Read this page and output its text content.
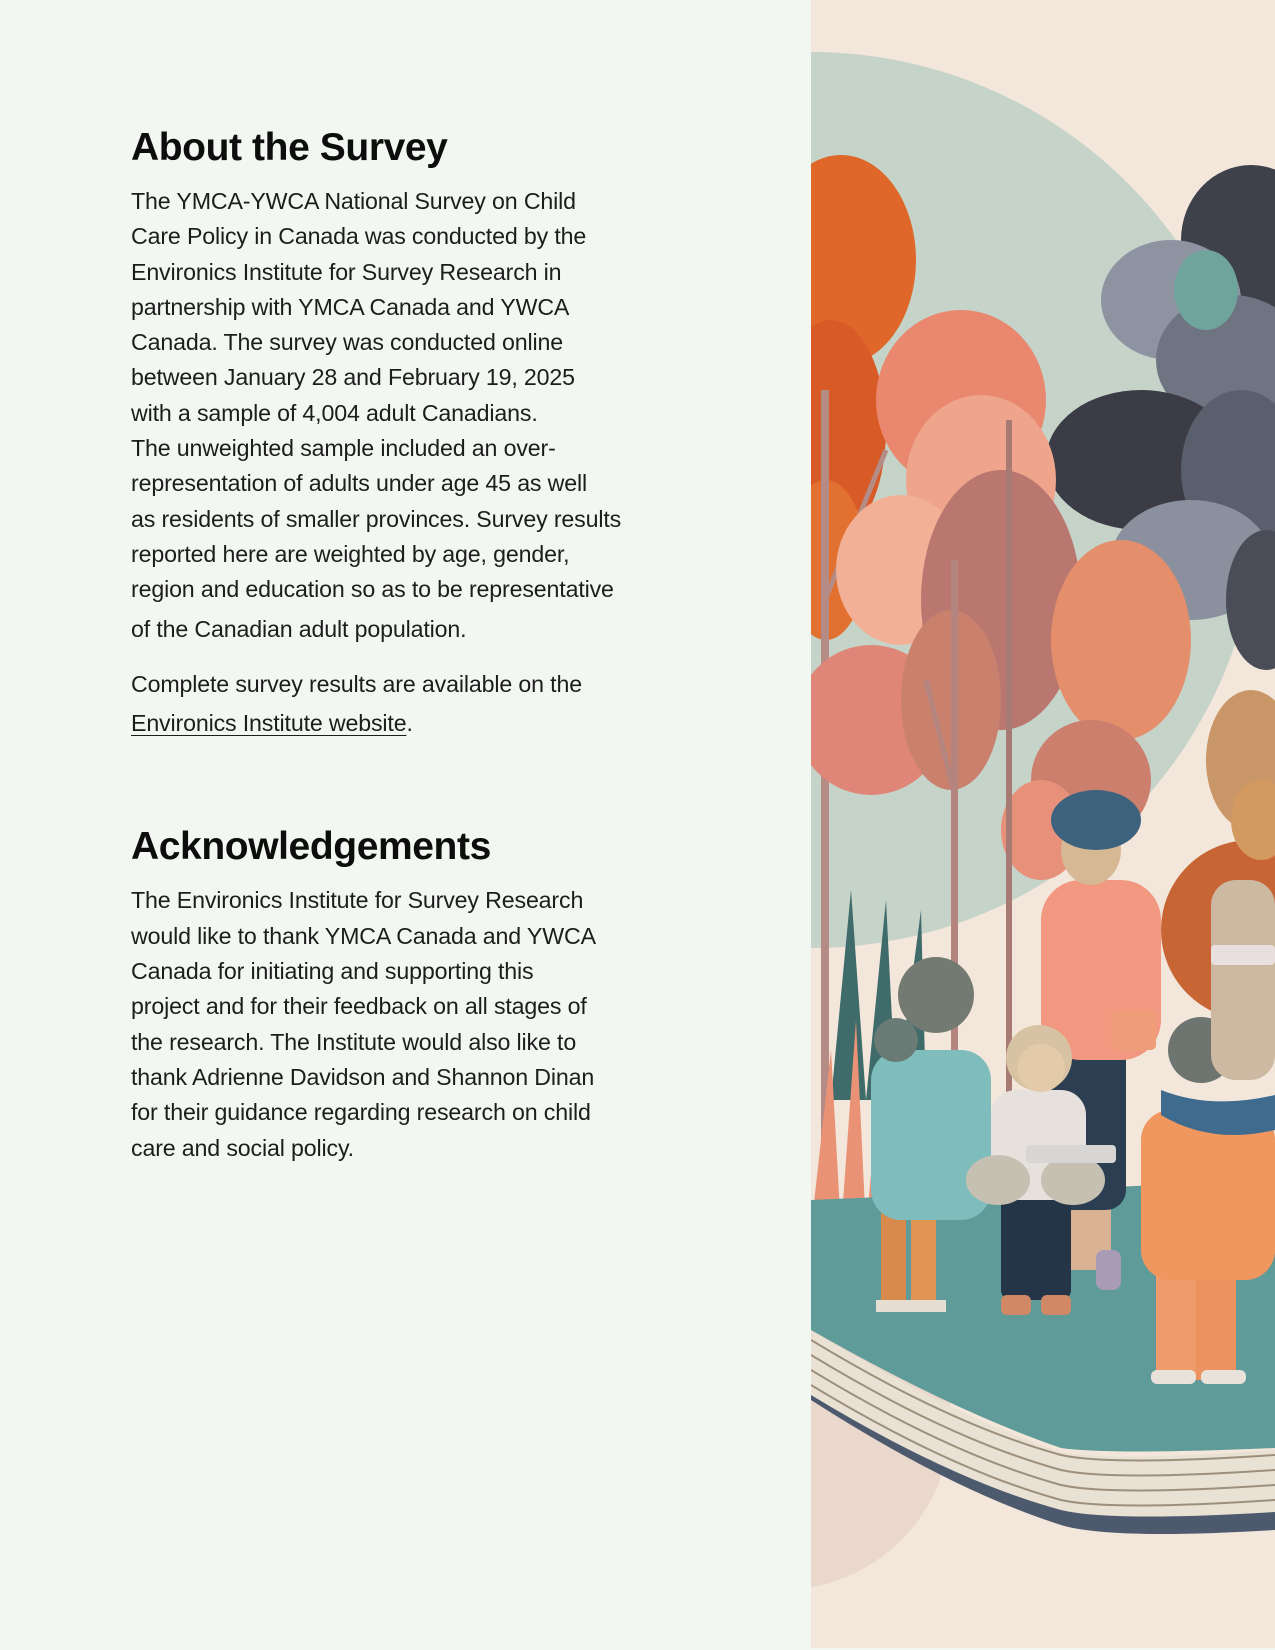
About the Survey

The YMCA-YWCA National Survey on Child
Care Policy in Canada was conducted by the
Environics Institute for Survey Research in
partnership with YMCA Canada and YWCA
Canada. The survey was conducted online
between January 28 and February 19, 2025
with a sample of 4,004 adult Canadians.
The unweighted sample included an over-
representation of adults under age 45 as well
as residents of smaller provinces. Survey results
reported here are weighted by age, gender,
region and education so as to be representative
of the Canadian adult population.

Complete survey results are available on the
Environics Institute website.

Acknowledgements

The Environics Institute for Survey Research
would like to thank YMCA Canada and YWCA
Canada for initiating and supporting this
project and for their feedback on all stages of
the research. The Institute would also like to
thank Adrienne Davidson and Shannon Dinan
for their guidance regarding research on child
care and social policy.
